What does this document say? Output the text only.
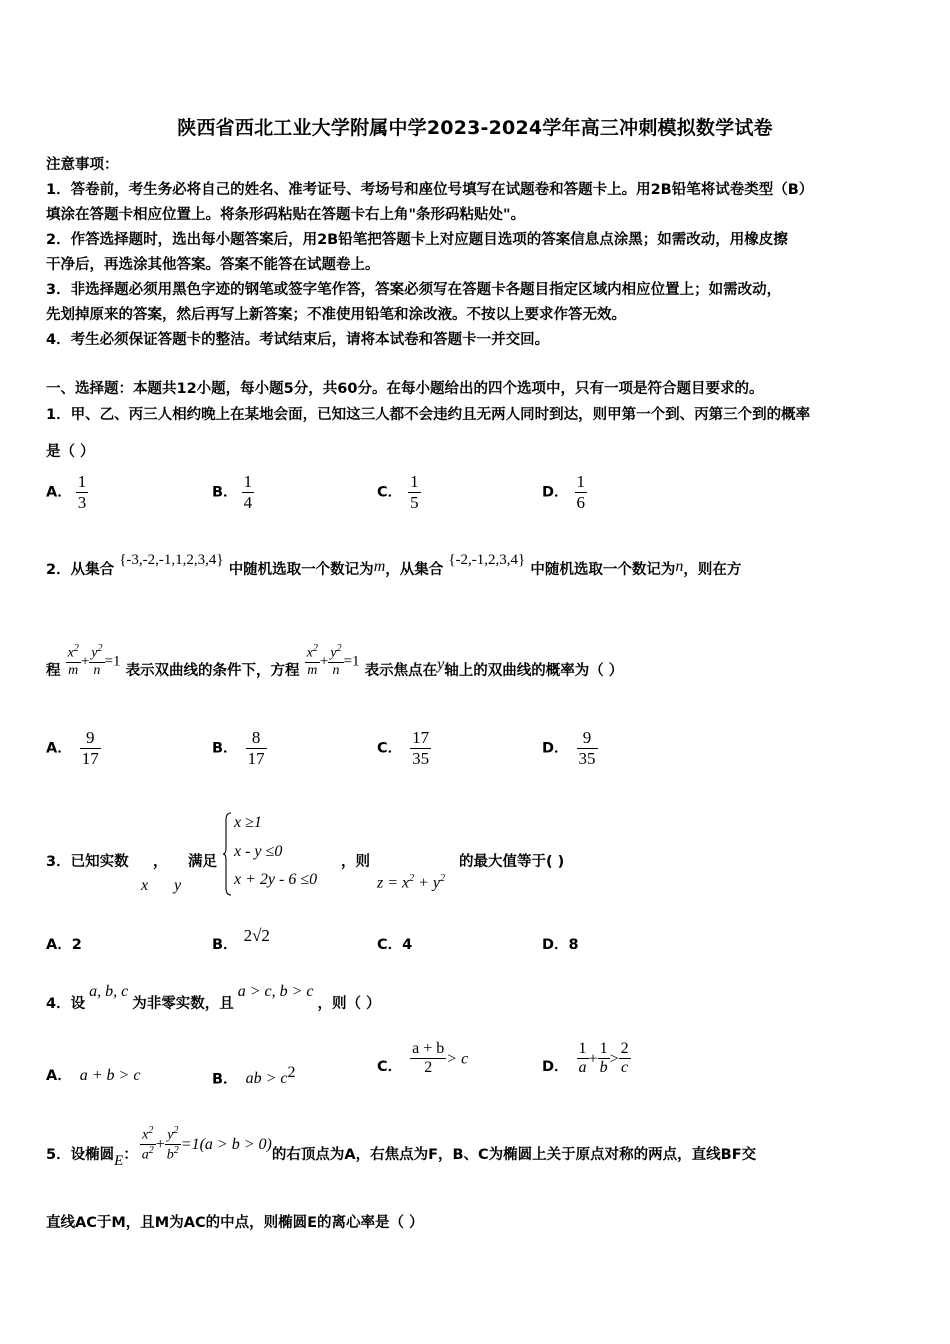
陕西省西北工业大学附属中学2023-2024学年高三冲刺模拟数学试卷
注意事项：
1．答卷前，考生务必将自己的姓名、准考证号、考场号和座位号填写在试题卷和答题卡上。用2B铅笔将试卷类型（B）
填涂在答题卡相应位置上。将条形码粘贴在答题卡右上角"条形码粘贴处"。
2．作答选择题时，选出每小题答案后，用2B铅笔把答题卡上对应题目选项的答案信息点涂黑；如需改动，用橡皮擦
干净后，再选涂其他答案。答案不能答在试题卷上。
3．非选择题必须用黑色字迹的钢笔或签字笔作答，答案必须写在答题卡各题目指定区域内相应位置上；如需改动，
先划掉原来的答案，然后再写上新答案；不准使用铅笔和涂改液。不按以上要求作答无效。
4．考生必须保证答题卡的整洁。考试结束后，请将本试卷和答题卡一并交回。
一、选择题：本题共12小题，每小题5分，共60分。在每小题给出的四个选项中，只有一项是符合题目要求的。
1．甲、乙、丙三人相约晚上在某地会面，已知这三人都不会违约且无两人同时到达，则甲第一个到、丙第三个到的概率
是（ ）
A． $\frac{1}{3}$	B． $\frac{1}{4}$	C． $\frac{1}{5}$	D． $\frac{1}{6}$
2．从集合 {-3,-2,-1,1,2,3,4} 中随机选取一个数记为m，从集合 {-2,-1,2,3,4} 中随机选取一个数记为n，则在方
程 $\frac{x^2}{m} + \frac{y^2}{n} =1$ 表示双曲线的条件下，方程 $\frac{x^2}{m} + \frac{y^2}{n} =1$ 表示焦点在y轴上的双曲线的概率为（ ）
A． $\frac{9}{17}$	B． $\frac{8}{17}$	C． $\frac{17}{35}$	D． $\frac{9}{35}$
3．已知实数 ，
x
满足
y
x ≥1
x - y ≤0
x + 2y - 6 ≤0
，则
$z = x^2 + y^2$
的最大值等于( )
A．2	B． 2√2	C．4	D．8
4．设a, b, c为非零实数，且a > c, b > c，则（ ）
A． a + b > c	B． ab > $c^2$	C． $\frac{a + b}{2} > c$	D． $\frac{1}{a} + \frac{1}{b} > \frac{2}{c}$
5．设椭圆E： $\frac{x^2}{a^2} + \frac{y^2}{b^2} =1(a > b > 0)$的右顶点为A，右焦点为F，B、C为椭圆上关于原点对称的两点，直线BF交
直线AC于M，且M为AC的中点，则椭圆E的离心率是（ ）
